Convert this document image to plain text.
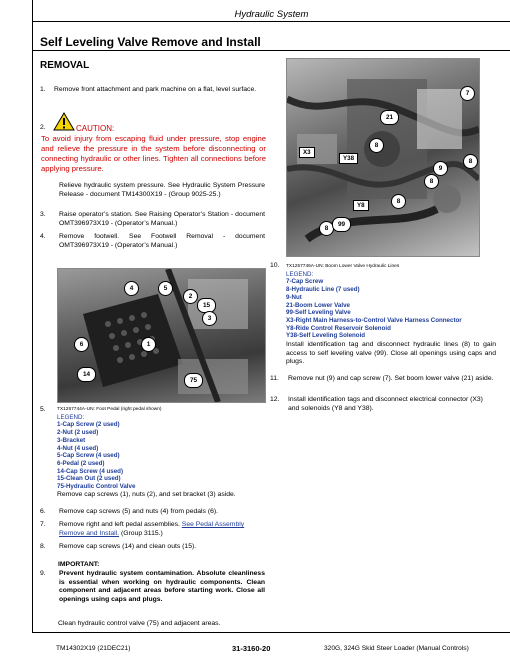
Hydraulic System
Self Leveling Valve Remove and Install
REMOVAL
1. Remove front attachment and park machine on a flat, level surface.
2.	CAUTION:
To avoid injury from escaping fluid under pressure, stop engine and relieve the pressure in the system before disconnecting or connecting hydraulic or other lines. Tighten all connections before applying pressure.
Relieve hydraulic system pressure. See Hydraulic System Pressure Release - document TM14300X19 - (Group 9025-25.)
3. Raise operator’s station. See Raising Operator’s Station - document OMT396973X19 - (Operator’s Manual.)
4. Remove footwell. See Footwell Removal - document OMT396973X19 - (Operator’s Manual.)
7
21
8
8
9
8
8
8
99
X3
Y38
Y8
10. TX1257746A-UN: Boom Lower Valve Hydraulic Lines
LEGEND:
7-Cap Screw
8-Hydraulic Line (7 used)
9-Nut
21-Boom Lower Valve
99-Self Leveling Valve
X3-Right Main Harness-to-Control Valve Harness Connector
Y8-Ride Control Reservoir Solenoid
Y38-Self Leveling Solenoid
Install identification tag and disconnect hydraulic lines (8) to gain access to self leveling valve (99). Close all openings using caps and plugs.
11. Remove nut (9) and cap screw (7). Set boom lower valve (21) aside.
12. Install identification tags and disconnect electrical connector (X3) and solenoids (Y8 and Y38).
4	5
2
15
3
1
6
14
75
5. TX1257744A-UN: Foot Pedal (right pedal shown)
LEGEND:
1-Cap Screw (2 used)
2-Nut (2 used)
3-Bracket
4-Nut (4 used)
5-Cap Screw (4 used)
6-Pedal (2 used)
14-Cap Screw (4 used)
15-Clean Out (2 used)
75-Hydraulic Control Valve
Remove cap screws (1), nuts (2), and set bracket (3) aside.
6. Remove cap screws (5) and nuts (4) from pedals (6).
7. Remove right and left pedal assemblies. See Pedal Assembly Remove and Install. (Group 3115.)
8. Remove cap screws (14) and clean outs (15).
IMPORTANT:
9. Prevent hydraulic system contamination. Absolute cleanliness is essential when working on hydraulic components. Clean component and adjacent areas before starting work. Close all openings using caps and plugs.
Clean hydraulic control valve (75) and adjacent areas.
TM14302X19 (21DEC21)	31-3160-20	320G, 324G Skid Steer Loader (Manual Controls)
